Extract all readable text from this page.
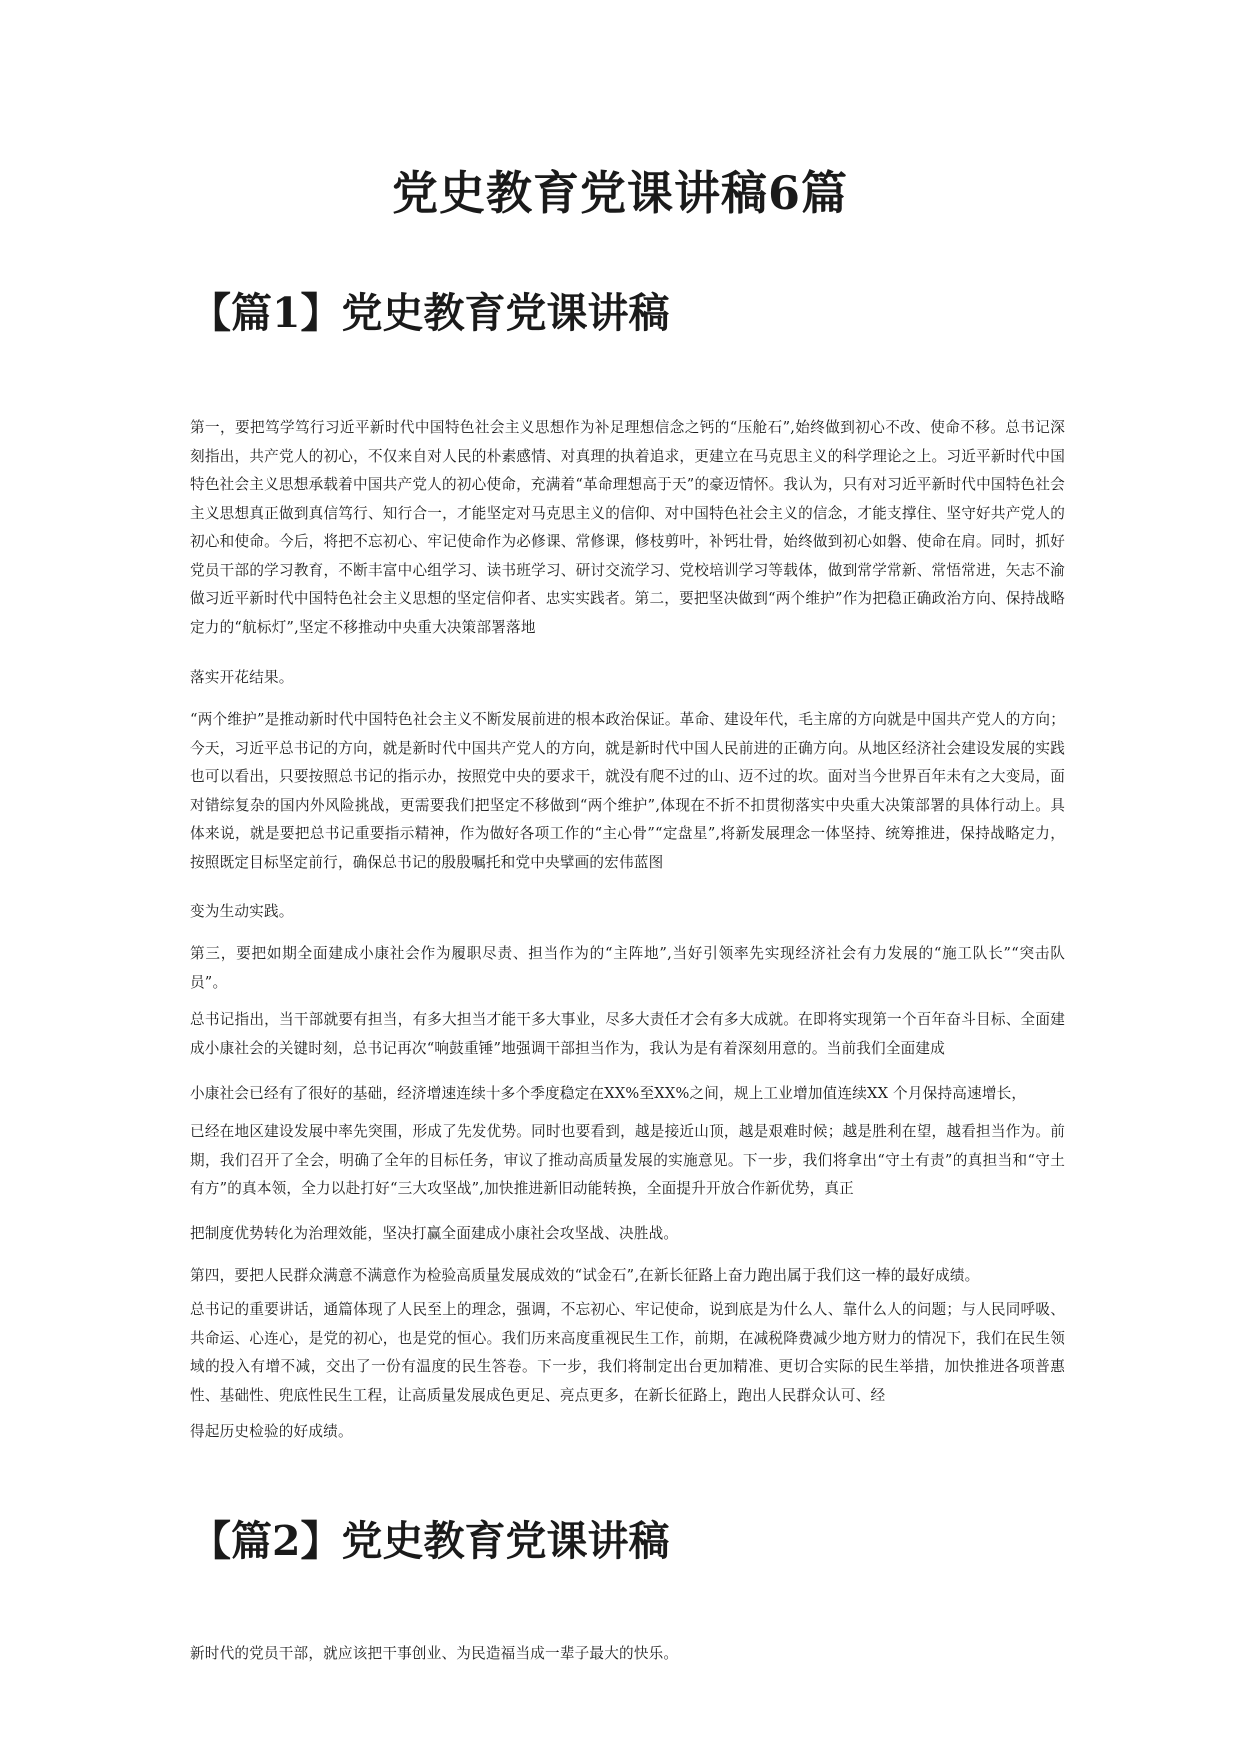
党史教育党课讲稿6篇
【篇1】党史教育党课讲稿

第一，要把笃学笃行习近平新时代中国特色社会主义思想作为补足理想信念之钙的“压舱石”,始终做到初心不改、使命不移。总书记深刻指出，共产党人的初心，不仅来自对人民的朴素感情、对真理的执着追求，更建立在马克思主义的科学理论之上。习近平新时代中国特色社会主义思想承载着中国共产党人的初心使命，充满着“革命理想高于天”的豪迈情怀。我认为，只有对习近平新时代中国特色社会主义思想真正做到真信笃行、知行合一，才能坚定对马克思主义的信仰、对中国特色社会主义的信念，才能支撑住、坚守好共产党人的初心和使命。今后，将把不忘初心、牢记使命作为必修课、常修课，修枝剪叶，补钙壮骨，始终做到初心如磐、使命在肩。同时，抓好党员干部的学习教育，不断丰富中心组学习、读书班学习、研讨交流学习、党校培训学习等载体，做到常学常新、常悟常进，矢志不渝做习近平新时代中国特色社会主义思想的坚定信仰者、忠实实践者。第二，要把坚决做到“两个维护”作为把稳正确政治方向、保持战略定力的“航标灯”,坚定不移推动中央重大决策部署落地

落实开花结果。

“两个维护”是推动新时代中国特色社会主义不断发展前进的根本政治保证。革命、建设年代，毛主席的方向就是中国共产党人的方向；今天，习近平总书记的方向，就是新时代中国共产党人的方向，就是新时代中国人民前进的正确方向。从地区经济社会建设发展的实践也可以看出，只要按照总书记的指示办，按照党中央的要求干，就没有爬不过的山、迈不过的坎。面对当今世界百年未有之大变局，面对错综复杂的国内外风险挑战，更需要我们把坚定不移做到“两个维护”,体现在不折不扣贯彻落实中央重大决策部署的具体行动上。具体来说，就是要把总书记重要指示精神，作为做好各项工作的“主心骨”“定盘星”,将新发展理念一体坚持、统筹推进，保持战略定力，按照既定目标坚定前行，确保总书记的殷殷嘱托和党中央擘画的宏伟蓝图

变为生动实践。

第三，要把如期全面建成小康社会作为履职尽责、担当作为的“主阵地”,当好引领率先实现经济社会有力发展的“施工队长”“突击队员”。

总书记指出，当干部就要有担当，有多大担当才能干多大事业，尽多大责任才会有多大成就。在即将实现第一个百年奋斗目标、全面建成小康社会的关键时刻，总书记再次“响鼓重锤”地强调干部担当作为，我认为是有着深刻用意的。当前我们全面建成

小康社会已经有了很好的基础，经济增速连续十多个季度稳定在XX%至XX%之间，规上工业增加值连续XX 个月保持高速增长，

已经在地区建设发展中率先突围，形成了先发优势。同时也要看到，越是接近山顶，越是艰难时候；越是胜利在望，越看担当作为。前期，我们召开了全会，明确了全年的目标任务，审议了推动高质量发展的实施意见。下一步，我们将拿出“守土有责”的真担当和“守土有方”的真本领，全力以赴打好“三大攻坚战”,加快推进新旧动能转换，全面提升开放合作新优势，真正

把制度优势转化为治理效能，坚决打赢全面建成小康社会攻坚战、决胜战。

第四，要把人民群众满意不满意作为检验高质量发展成效的“试金石”,在新长征路上奋力跑出属于我们这一棒的最好成绩。

总书记的重要讲话，通篇体现了人民至上的理念，强调，不忘初心、牢记使命，说到底是为什么人、靠什么人的问题；与人民同呼吸、共命运、心连心，是党的初心，也是党的恒心。我们历来高度重视民生工作，前期，在减税降费减少地方财力的情况下，我们在民生领域的投入有增不减，交出了一份有温度的民生答卷。下一步，我们将制定出台更加精准、更切合实际的民生举措，加快推进各项普惠性、基础性、兜底性民生工程，让高质量发展成色更足、亮点更多，在新长征路上，跑出人民群众认可、经

得起历史检验的好成绩。

【篇2】党史教育党课讲稿

新时代的党员干部，就应该把干事创业、为民造福当成一辈子最大的快乐。
